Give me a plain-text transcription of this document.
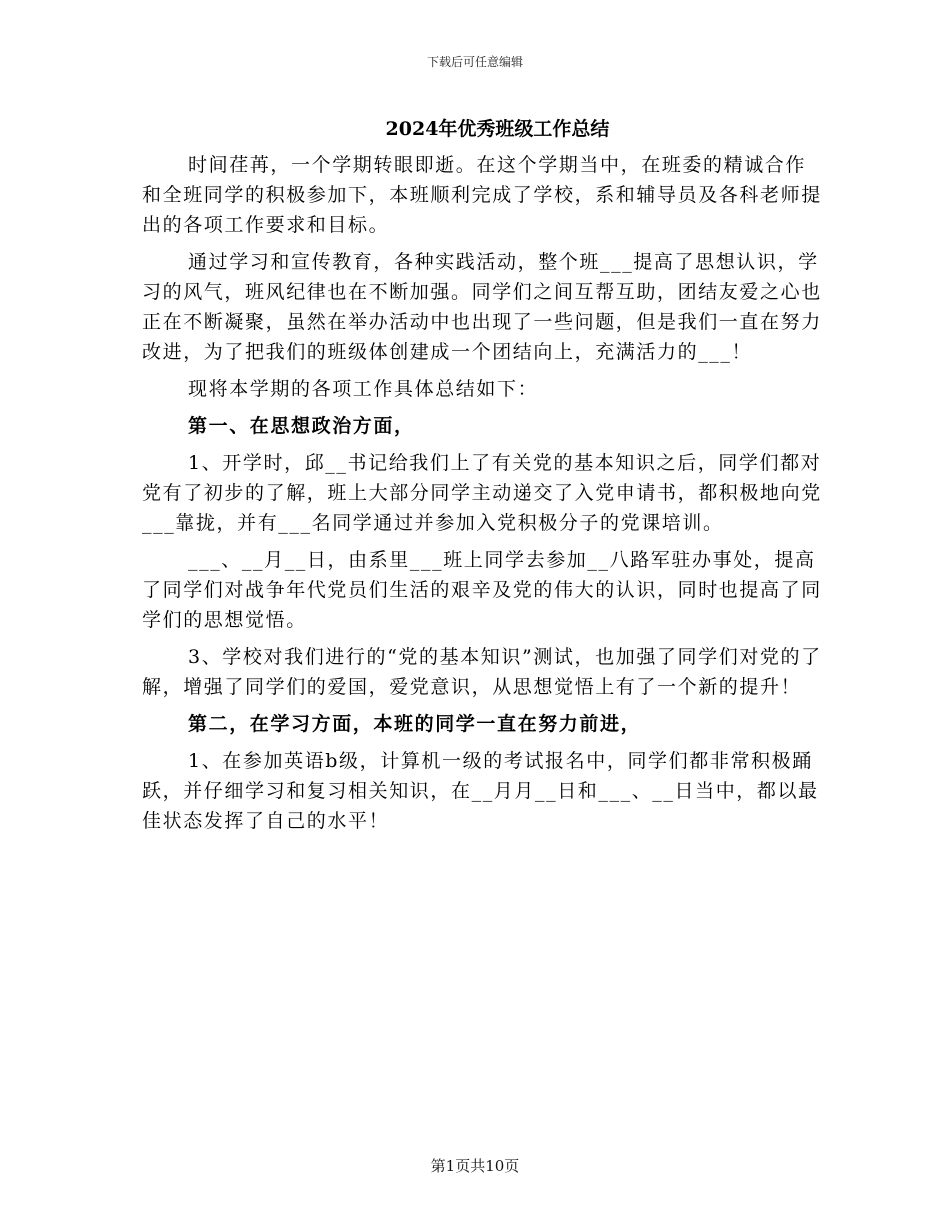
下载后可任意编辑
2024年优秀班级工作总结

时间荏苒，一个学期转眼即逝。在这个学期当中，在班委的精诚合作和全班同学的积极参加下，本班顺利完成了学校，系和辅导员及各科老师提出的各项工作要求和目标。

通过学习和宣传教育，各种实践活动，整个班___提高了思想认识，学习的风气，班风纪律也在不断加强。同学们之间互帮互助，团结友爱之心也正在不断凝聚，虽然在举办活动中也出现了一些问题，但是我们一直在努力改进，为了把我们的班级体创建成一个团结向上，充满活力的___！

现将本学期的各项工作具体总结如下：

第一、在思想政治方面，

1、开学时，邱__书记给我们上了有关党的基本知识之后，同学们都对党有了初步的了解，班上大部分同学主动递交了入党申请书，都积极地向党___靠拢，并有___名同学通过并参加入党积极分子的党课培训。

___、__月__日，由系里___班上同学去参加__八路军驻办事处，提高了同学们对战争年代党员们生活的艰辛及党的伟大的认识，同时也提高了同学们的思想觉悟。

3、学校对我们进行的“党的基本知识”测试，也加强了同学们对党的了解，增强了同学们的爱国，爱党意识，从思想觉悟上有了一个新的提升！

第二，在学习方面，本班的同学一直在努力前进，

1、在参加英语b级，计算机一级的考试报名中，同学们都非常积极踊跃，并仔细学习和复习相关知识，在__月月__日和___、__日当中，都以最佳状态发挥了自己的水平！

第1页共10页
